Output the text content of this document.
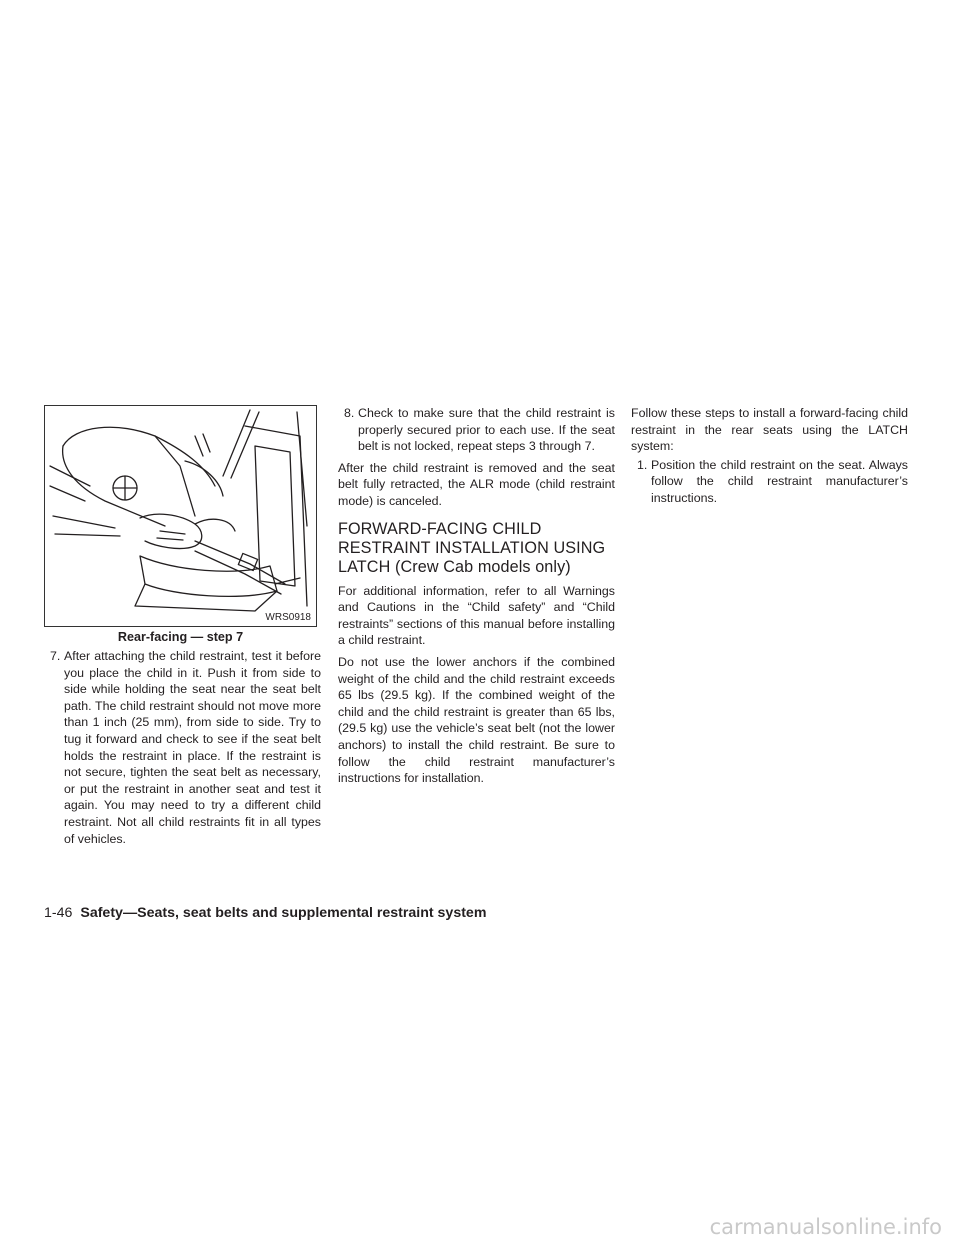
WRS0918
Rear-facing — step 7

7. After attaching the child restraint, test it before you place the child in it. Push it from side to side while holding the seat near the seat belt path. The child restraint should not move more than 1 inch (25 mm), from side to side. Try to tug it forward and check to see if the seat belt holds the restraint in place. If the restraint is not secure, tighten the seat belt as necessary, or put the restraint in another seat and test it again. You may need to try a different child restraint. Not all child restraints fit in all types of vehicles.

8. Check to make sure that the child restraint is properly secured prior to each use. If the seat belt is not locked, repeat steps 3 through 7.

After the child restraint is removed and the seat belt fully retracted, the ALR mode (child restraint mode) is canceled.

FORWARD-FACING CHILD RESTRAINT INSTALLATION USING LATCH (Crew Cab models only)

For additional information, refer to all Warnings and Cautions in the “Child safety” and “Child restraints” sections of this manual before installing a child restraint.

Do not use the lower anchors if the combined weight of the child and the child restraint exceeds 65 lbs (29.5 kg). If the combined weight of the child and the child restraint is greater than 65 lbs, (29.5 kg) use the vehicle’s seat belt (not the lower anchors) to install the child restraint. Be sure to follow the child restraint manufacturer’s instructions for installation.

Follow these steps to install a forward-facing child restraint in the rear seats using the LATCH system:

1. Position the child restraint on the seat. Always follow the child restraint manufacturer’s instructions.

1-46 Safety—Seats, seat belts and supplemental restraint system
carmanualsonline.info
